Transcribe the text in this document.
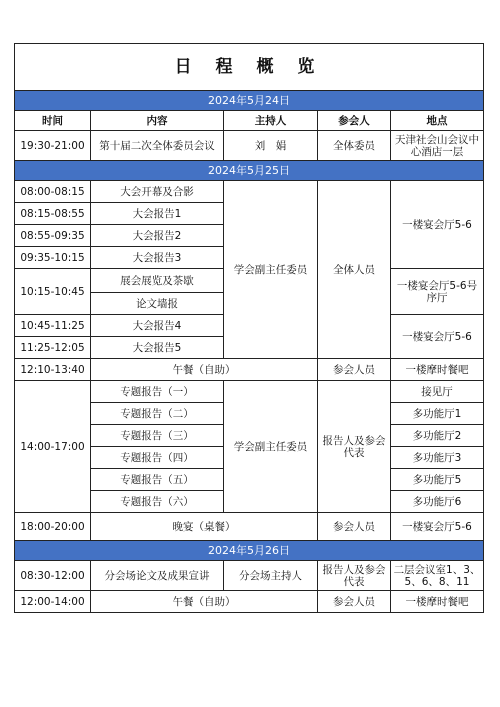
日 程 概 览				
2024年5月24日				
时间	内容	主持人	参会人	地点
19:30-21:00	第十届二次全体委员会议	刘　娟	全体委员	天津社会山会议中心酒店一层
2024年5月25日				
08:00-08:15	大会开幕及合影	学会副主任委员	全体人员	一楼宴会厅5-6
08:15-08:55	大会报告1			
08:55-09:35	大会报告2			
09:35-10:15	大会报告3			
10:15-10:45	展会展览及茶歇			一楼宴会厅5-6号序厅
	论文墙报			
10:45-11:25	大会报告4			一楼宴会厅5-6
11:25-12:05	大会报告5			
12:10-13:40	午餐（自助）		参会人员	一楼摩时餐吧
14:00-17:00	专题报告（一）	学会副主任委员	报告人及参会代表	接见厅
	专题报告（二）			多功能厅1
	专题报告（三）			多功能厅2
	专题报告（四）			多功能厅3
	专题报告（五）			多功能厅5
	专题报告（六）			多功能厅6
18:00-20:00	晚宴（桌餐）		参会人员	一楼宴会厅5-6
2024年5月26日				
08:30-12:00	分会场论文及成果宣讲	分会场主持人	报告人及参会代表	二层会议室1、3、5、6、8、11
12:00-14:00	午餐（自助）		参会人员	一楼摩时餐吧
